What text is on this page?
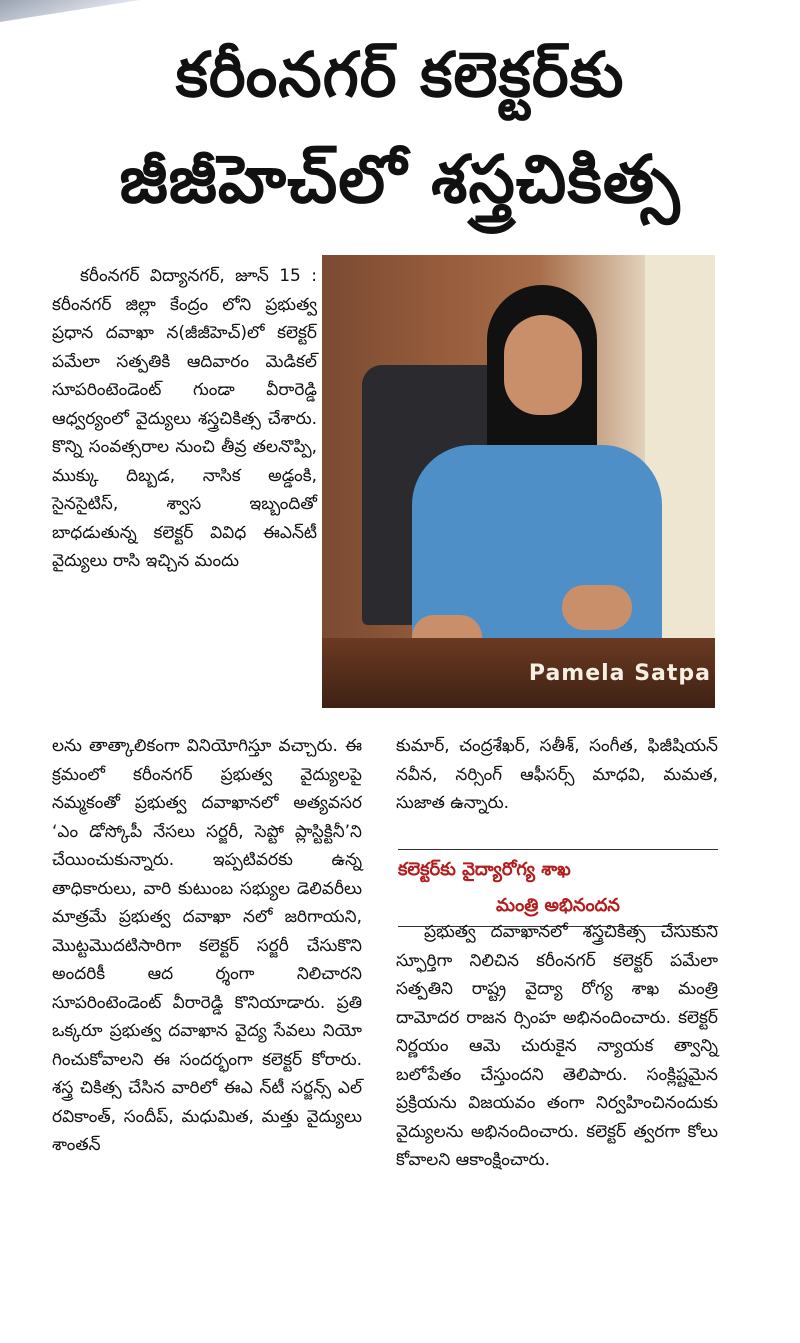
కరీంనగర్ కలెక్టర్‌కు
జీజీహెచ్‌లో శస్త్రచికిత్స

కరీంనగర్ విద్యానగర్, జూన్ 15 : కరీంనగర్ జిల్లా కేంద్రం లోని ప్రభుత్వ ప్రధాన దవాఖా న(జీజీహెచ్)లో కలెక్టర్ పమేలా సత్పతికి ఆదివారం మెడికల్ సూపరింటెండెంట్ గుండా వీరారెడ్డి ఆధ్వర్యంలో వైద్యులు శస్త్రచికిత్స చేశారు. కొన్ని సంవత్సరాల నుంచి తీవ్ర తలనొప్పి, ముక్కు దిబ్బడ, నాసిక అడ్డంకి, సైనసైటిస్, శ్వాస ఇబ్బందితో బాధడుతున్న కలెక్టర్ వివిధ ఈఎన్‌టీ వైద్యులు రాసి ఇచ్చిన మందు

Pamela Satpa

లను తాత్కాలికంగా వినియోగిస్తూ వచ్చారు. ఈ క్రమంలో కరీంనగర్ ప్రభుత్వ వైద్యులపై నమ్మకంతో ప్రభుత్వ దవాఖానలో అత్యవసర ‘ఎం డోస్కోపీ నేసలు సర్జరీ, సెప్టో ప్లాస్టిక్టినీ’ని చేయించుకున్నారు. ఇప్పటివరకు ఉన్న తాధికారులు, వారి కుటుంబ సభ్యుల డెలివరీలు మాత్రమే ప్రభుత్వ దవాఖా నలో జరిగాయని, మొట్టమొదటిసారిగా కలెక్టర్ సర్జరీ చేసుకొని అందరికీ ఆద ర్శంగా నిలిచారని సూపరింటెండెంట్ వీరారెడ్డి కొనియాడారు. ప్రతి ఒక్కరూ ప్రభుత్వ దవాఖాన వైద్య సేవలు నియో గించుకోవాలని ఈ సందర్భంగా కలెక్టర్ కోరారు. శస్త్ర చికిత్స చేసిన వారిలో ఈఎ న్‌టీ సర్జన్స్ ఎల్ రవికాంత్, సందీప్, మధుమిత, మత్తు వైద్యులు శాంతన్

కుమార్, చంద్రశేఖర్, సతీశ్, సంగీత, ఫిజీషియన్ నవీన, నర్సింగ్ ఆఫీసర్స్ మాధవి, మమత, సుజాత ఉన్నారు.

కలెక్టర్‌కు వైద్యారోగ్య శాఖ
మంత్రి అభినందన

ప్రభుత్వ దవాఖానలో శస్త్రచికిత్స చేసుకుని స్ఫూర్తిగా నిలిచిన కరీంనగర్ కలెక్టర్ పమేలా సత్పతిని రాష్ట్ర వైద్యా రోగ్య శాఖ మంత్రి దామోదర రాజన ర్సింహ అభినందించారు. కలెక్టర్ నిర్ణయం ఆమె చురుకైన న్యాయక త్వాన్ని బలోపేతం చేస్తుందని తెలిపారు. సంక్లిష్టమైన ప్రక్రియను విజయవం తంగా నిర్వహించినందుకు వైద్యులను అభినందించారు. కలెక్టర్ త్వరగా కోలు కోవాలని ఆకాంక్షించారు.
